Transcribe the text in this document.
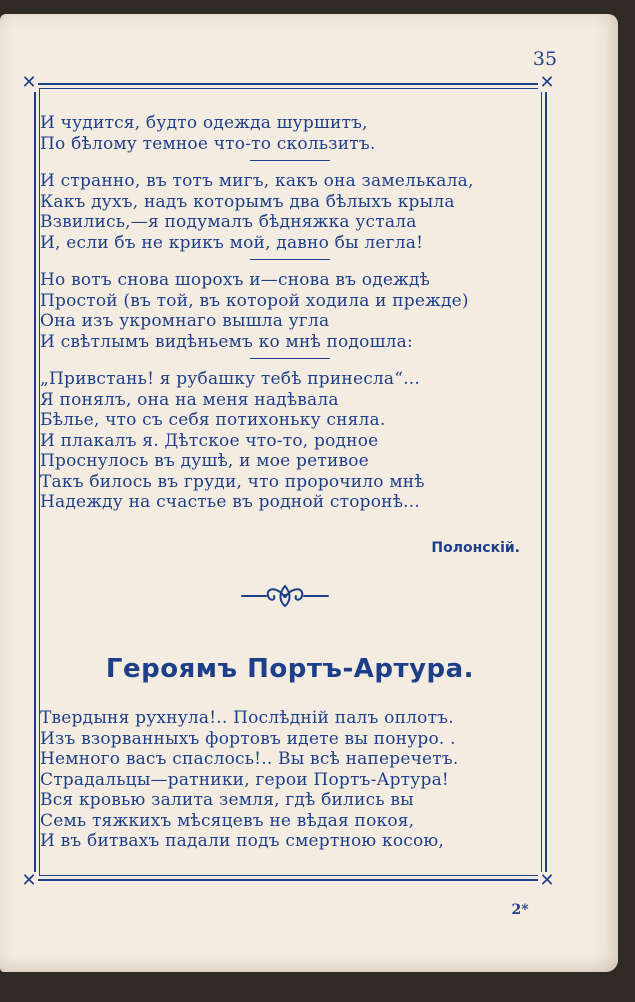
35
✕	✕
✕	✕
И чудится, будто одежда шуршитъ,
По бѣлому темное что-то скользитъ.
И странно, въ тотъ мигъ, какъ она замелькала,
Какъ духъ, надъ которымъ два бѣлыхъ крыла
Взвились,—я подумалъ бѣдняжка устала
И, если бъ не крикъ мой, давно бы легла!
Но вотъ снова шорохъ и—снова въ одеждѣ
Простой (въ той, въ которой ходила и прежде)
Она изъ укромнаго вышла угла
И свѣтлымъ видѣньемъ ко мнѣ подошла:
„Привстань! я рубашку тебѣ принесла“...
Я понялъ, она на меня надѣвала
Бѣлье, что съ себя потихоньку сняла.
И плакалъ я. Дѣтское что-то, родное
Проснулось въ душѣ, и мое ретивое
Такъ билось въ груди, что пророчило мнѣ
Надежду на счастье въ родной сторонѣ...
Полонскій.
Героямъ Портъ-Артура.
Твердыня рухнула!.. Послѣдній палъ оплотъ.
Изъ взорванныхъ фортовъ идете вы понуро. .
Немного васъ спаслось!.. Вы всѣ наперечетъ.
Страдальцы—ратники, герои Портъ-Артура!
Вся кровью залита земля, гдѣ бились вы
Семь тяжкихъ мѣсяцевъ не вѣдая покоя,
И въ битвахъ падали подъ смертною косою,
2*
